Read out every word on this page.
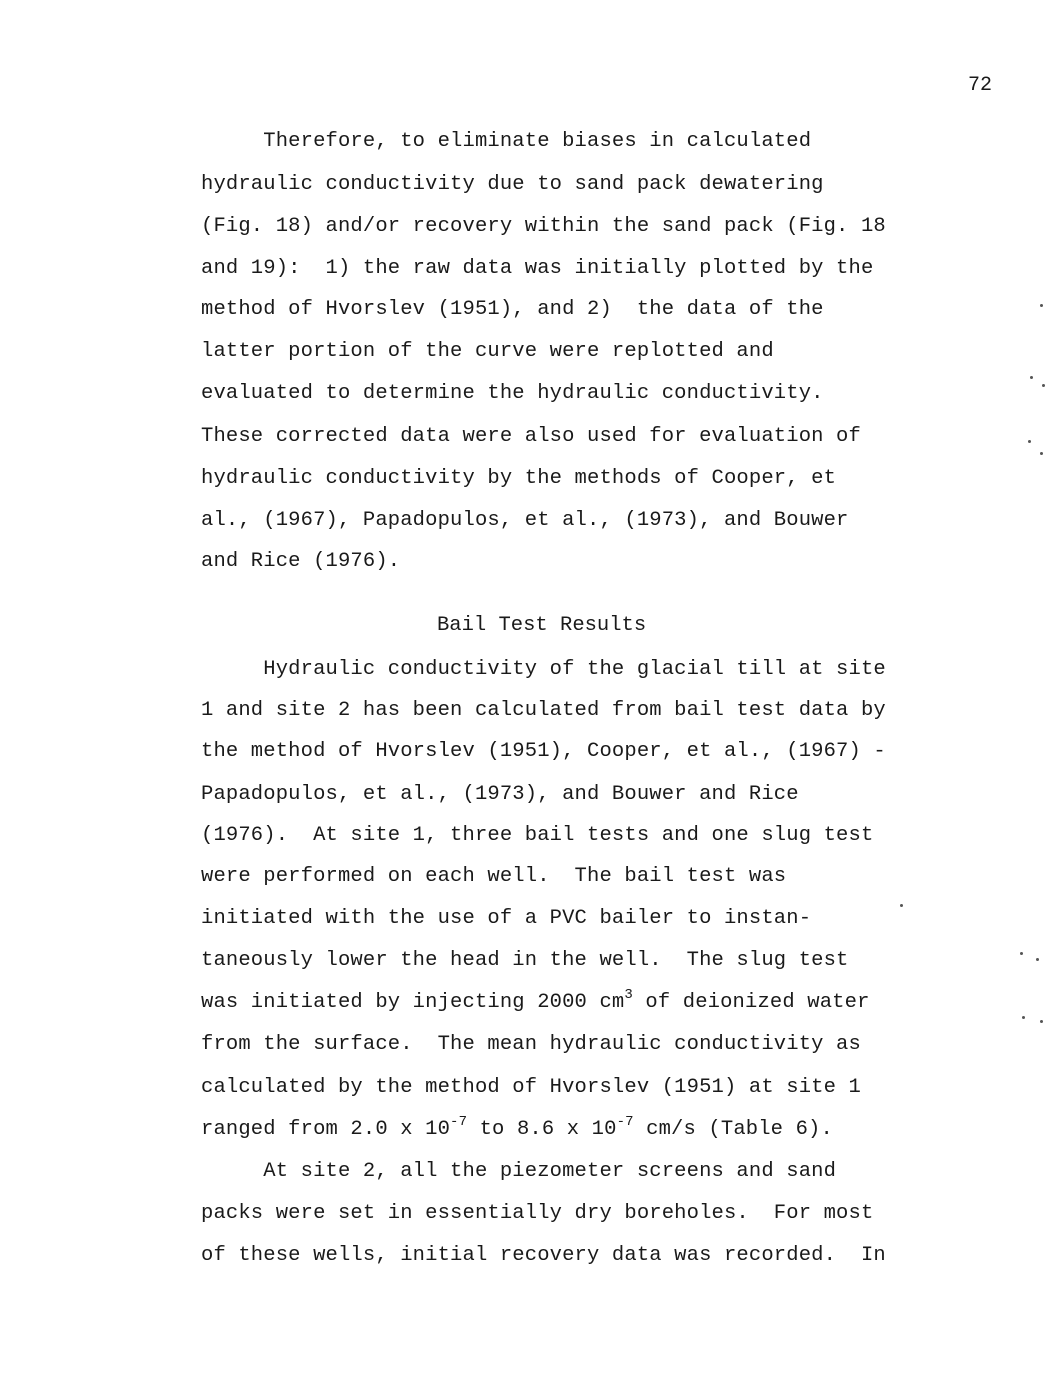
72
Therefore, to eliminate biases in calculated
hydraulic conductivity due to sand pack dewatering
(Fig. 18) and/or recovery within the sand pack (Fig. 18
and 19):  1) the raw data was initially plotted by the
method of Hvorslev (1951), and 2)  the data of the
latter portion of the curve were replotted and
evaluated to determine the hydraulic conductivity.
These corrected data were also used for evaluation of
hydraulic conductivity by the methods of Cooper, et
al., (1967), Papadopulos, et al., (1973), and Bouwer
and Rice (1976).
Bail Test Results
Hydraulic conductivity of the glacial till at site
1 and site 2 has been calculated from bail test data by
the method of Hvorslev (1951), Cooper, et al., (1967) -
Papadopulos, et al., (1973), and Bouwer and Rice
(1976).  At site 1, three bail tests and one slug test
were performed on each well.  The bail test was
initiated with the use of a PVC bailer to instan-
taneously lower the head in the well.  The slug test
was initiated by injecting 2000 $cm^3$ of deionized water
from the surface.  The mean hydraulic conductivity as
calculated by the method of Hvorslev (1951) at site 1
ranged from 2.0 x $10^{-7}$ to 8.6 x $10^{-7}$ cm/s (Table 6).
At site 2, all the piezometer screens and sand
packs were set in essentially dry boreholes.  For most
of these wells, initial recovery data was recorded.  In
